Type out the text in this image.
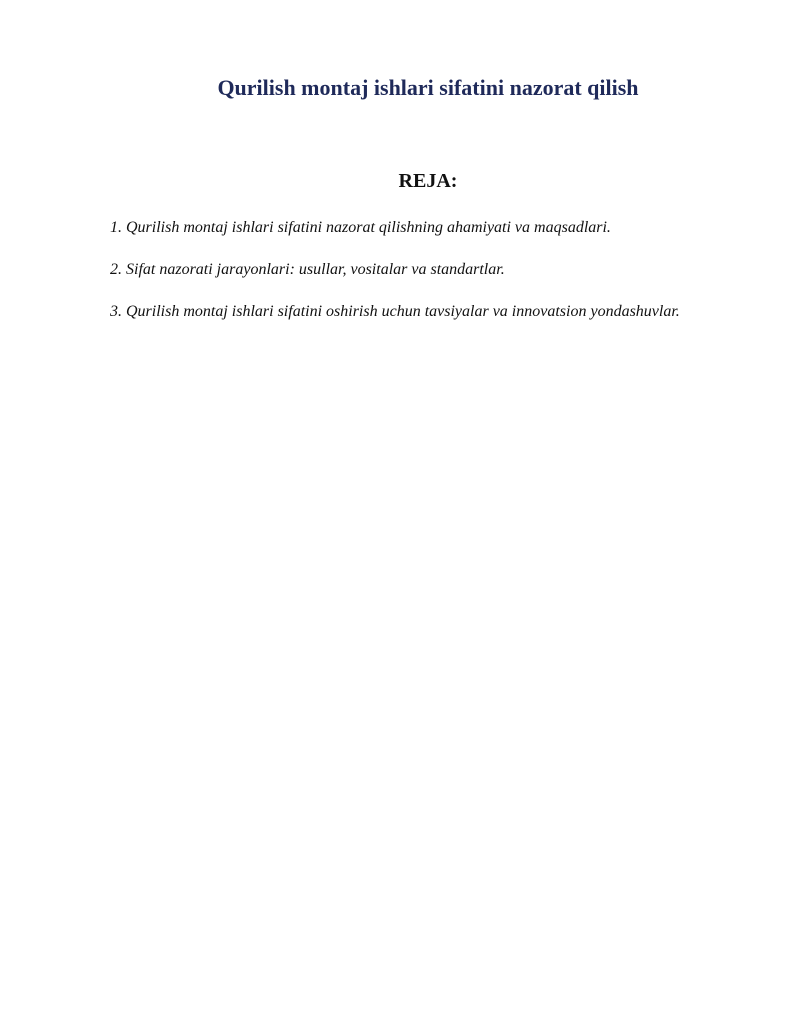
Qurilish montaj ishlari sifatini nazorat qilish
REJA:
1. Qurilish montaj ishlari sifatini nazorat qilishning ahamiyati va maqsadlari.
2. Sifat nazorati jarayonlari: usullar, vositalar va standartlar.
3. Qurilish montaj ishlari sifatini oshirish uchun tavsiyalar va innovatsion yondashuvlar.
